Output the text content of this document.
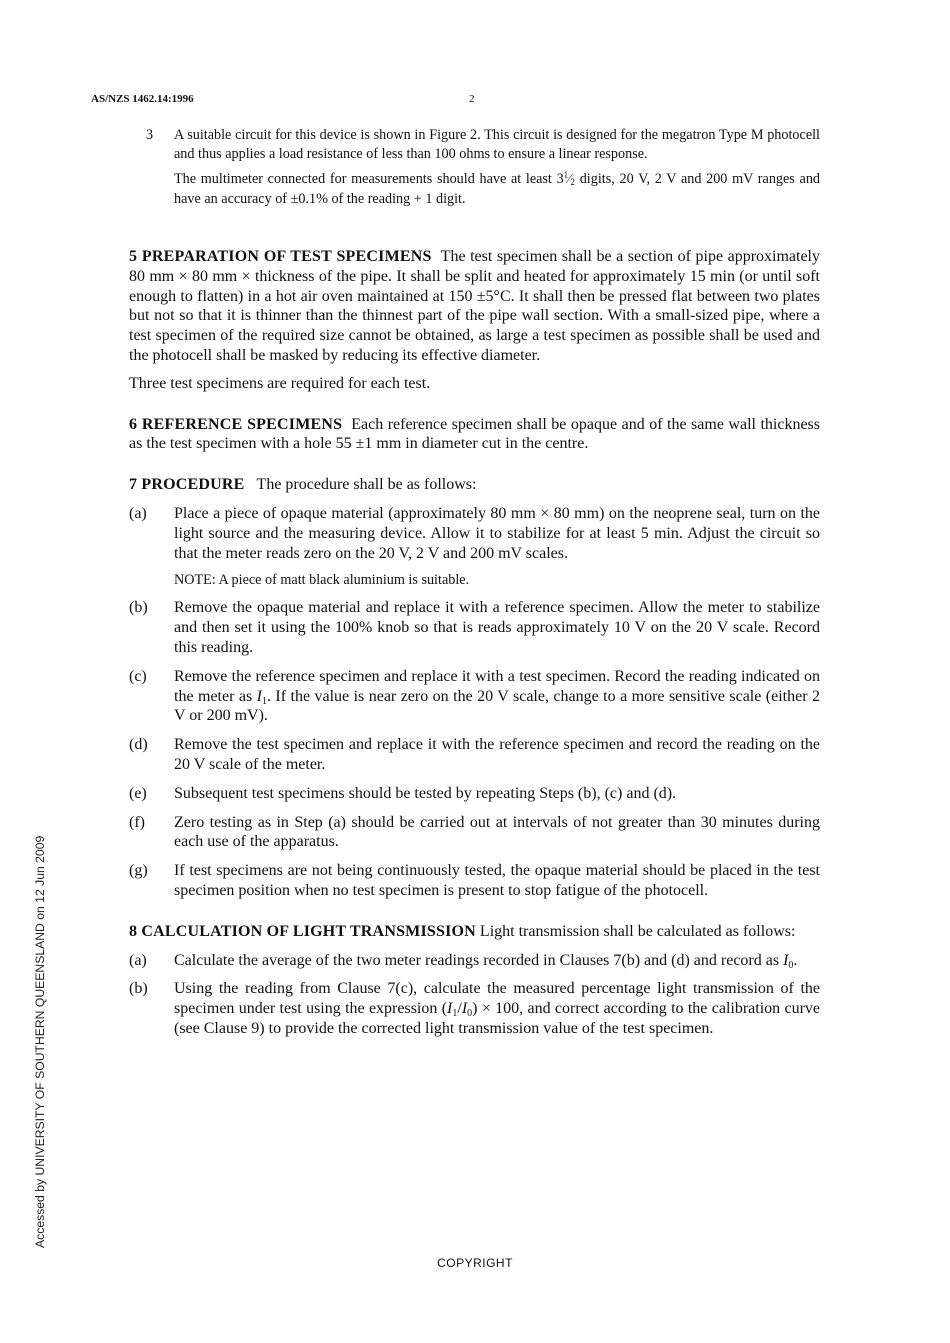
AS/NZS 1462.14:1996	2
3	A suitable circuit for this device is shown in Figure 2. This circuit is designed for the megatron Type M photocell and thus applies a load resistance of less than 100 ohms to ensure a linear response.
The multimeter connected for measurements should have at least $3^1⁄_2$ digits, 20 V, 2 V and 200 mV ranges and have an accuracy of ±0.1% of the reading + 1 digit.

5 PREPARATION OF TEST SPECIMENS The test specimen shall be a section of pipe approximately 80 mm × 80 mm × thickness of the pipe. It shall be split and heated for approximately 15 min (or until soft enough to flatten) in a hot air oven maintained at 150 ±5°C. It shall then be pressed flat between two plates but not so that it is thinner than the thinnest part of the pipe wall section. With a small-sized pipe, where a test specimen of the required size cannot be obtained, as large a test specimen as possible shall be used and the photocell shall be masked by reducing its effective diameter.

Three test specimens are required for each test.

6 REFERENCE SPECIMENS Each reference specimen shall be opaque and of the same wall thickness as the test specimen with a hole 55 ±1 mm in diameter cut in the centre.

7 PROCEDURE The procedure shall be as follows:

(a)	Place a piece of opaque material (approximately 80 mm × 80 mm) on the neoprene seal, turn on the light source and the measuring device. Allow it to stabilize for at least 5 min. Adjust the circuit so that the meter reads zero on the 20 V, 2 V and 200 mV scales.
NOTE: A piece of matt black aluminium is suitable.
(b)	Remove the opaque material and replace it with a reference specimen. Allow the meter to stabilize and then set it using the 100% knob so that is reads approximately 10 V on the 20 V scale. Record this reading.
(c)	Remove the reference specimen and replace it with a test specimen. Record the reading indicated on the meter as $I_1$. If the value is near zero on the 20 V scale, change to a more sensitive scale (either 2 V or 200 mV).
(d)	Remove the test specimen and replace it with the reference specimen and record the reading on the 20 V scale of the meter.
(e)	Subsequent test specimens should be tested by repeating Steps (b), (c) and (d).
(f)	Zero testing as in Step (a) should be carried out at intervals of not greater than 30 minutes during each use of the apparatus.
(g)	If test specimens are not being continuously tested, the opaque material should be placed in the test specimen position when no test specimen is present to stop fatigue of the photocell.

8 CALCULATION OF LIGHT TRANSMISSION Light transmission shall be calculated as follows:

(a)	Calculate the average of the two meter readings recorded in Clauses 7(b) and (d) and record as $I_0$.
(b)	Using the reading from Clause 7(c), calculate the measured percentage light transmission of the specimen under test using the expression $(I_1/I_0) \times 100$, and correct according to the calibration curve (see Clause 9) to provide the corrected light transmission value of the test specimen.
COPYRIGHT
Accessed by UNIVERSITY OF SOUTHERN QUEENSLAND on 12 Jun 2009
